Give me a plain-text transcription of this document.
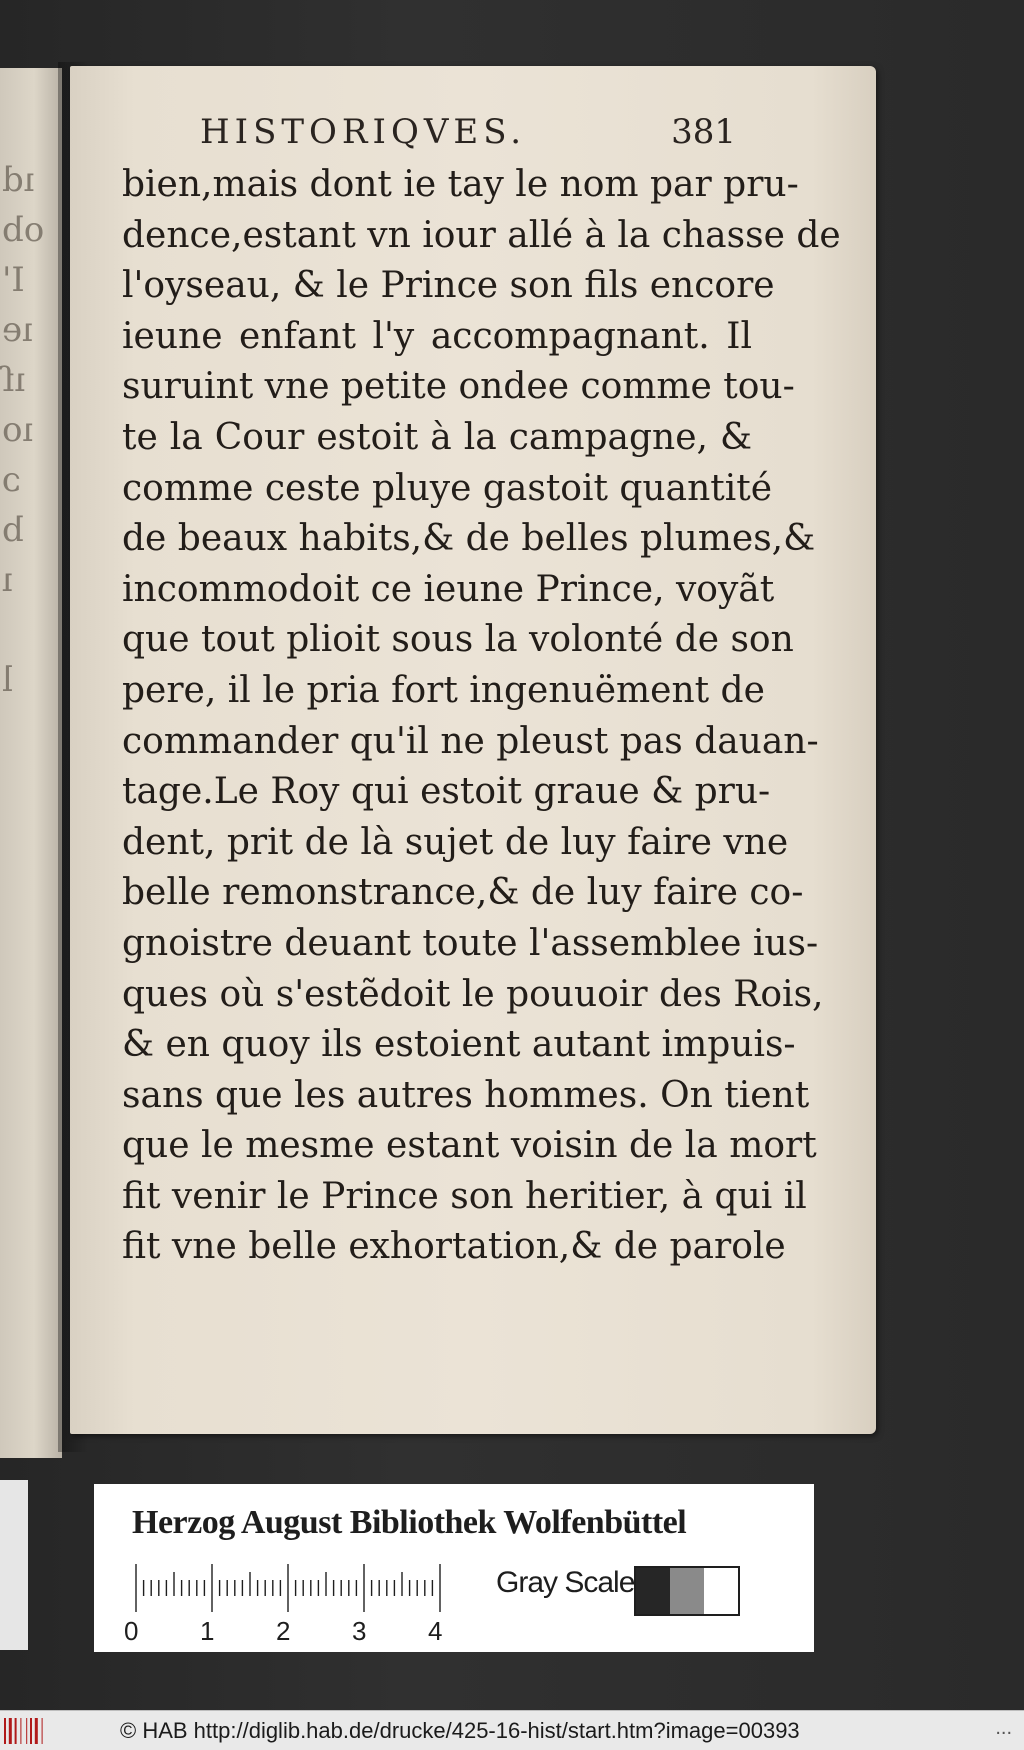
ıd
ob
I'
ıe
ıſ
ıo
ɔ
b
ı
l
HISTORIQVES.	381
bien,mais dont ie tay le nom par pru-
dence,estant vn iour allé à la chasse de
l'oyseau, & le Prince son fils encore
ieune enfant l'y accompagnant. Il
suruint vne petite ondee comme tou-
te la Cour estoit à la campagne, &
comme ceste pluye gastoit quantité
de beaux habits,& de belles plumes,&
incommodoit ce ieune Prince, voyãt
que tout plioit sous la volonté de son
pere, il le pria fort ingenuëment de
commander qu'il ne pleust pas dauan-
tage.Le Roy qui estoit graue & pru-
dent, prit de là sujet de luy faire vne
belle remonstrance,& de luy faire co-
gnoistre deuant toute l'assemblee ius-
ques où s'estẽdoit le pouuoir des Rois,
& en quoy ils estoient autant impuis-
sans que les autres hommes. On tient
que le mesme estant voisin de la mort
fit venir le Prince son heritier, à qui il
fit vne belle exhortation,& de parole
Herzog August Bibliothek Wolfenbüttel
0 1 2 3 4
Gray Scale
© HAB http://diglib.hab.de/drucke/425-16-hist/start.htm?image=00393	...
